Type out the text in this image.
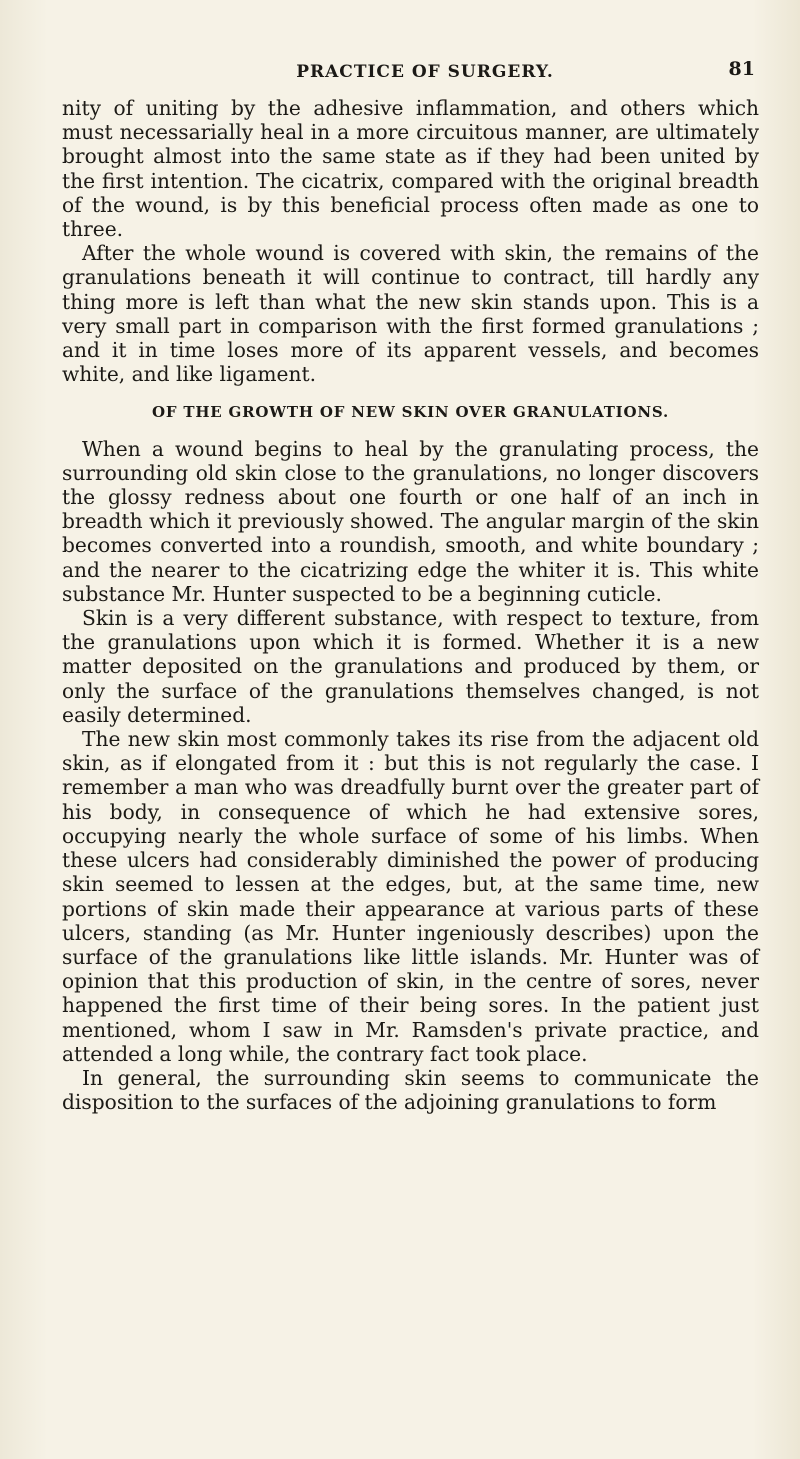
PRACTICE OF SURGERY.	81

nity of uniting by the adhesive inflammation, and others which must necessarially heal in a more circuitous manner, are ultimately brought almost into the same state as if they had been united by the first intention. The cicatrix, compared with the original breadth of the wound, is by this beneficial process often made as one to three.

After the whole wound is covered with skin, the remains of the granulations beneath it will continue to contract, till hardly any thing more is left than what the new skin stands upon. This is a very small part in comparison with the first formed granulations ; and it in time loses more of its apparent vessels, and becomes white, and like ligament.

OF THE GROWTH OF NEW SKIN OVER GRANULATIONS.

When a wound begins to heal by the granulating process, the surrounding old skin close to the granulations, no longer discovers the glossy redness about one fourth or one half of an inch in breadth which it previously showed. The angular margin of the skin becomes converted into a roundish, smooth, and white boundary ; and the nearer to the cicatrizing edge the whiter it is. This white substance Mr. Hunter suspected to be a beginning cuticle.

Skin is a very different substance, with respect to texture, from the granulations upon which it is formed. Whether it is a new matter deposited on the granulations and produced by them, or only the surface of the granulations themselves changed, is not easily determined.

The new skin most commonly takes its rise from the adjacent old skin, as if elongated from it : but this is not regularly the case. I remember a man who was dreadfully burnt over the greater part of his body, in consequence of which he had extensive sores, occupying nearly the whole surface of some of his limbs. When these ulcers had considerably diminished the power of producing skin seemed to lessen at the edges, but, at the same time, new portions of skin made their appearance at various parts of these ulcers, standing (as Mr. Hunter ingeniously describes) upon the surface of the granulations like little islands. Mr. Hunter was of opinion that this production of skin, in the centre of sores, never happened the first time of their being sores. In the patient just mentioned, whom I saw in Mr. Ramsden's private practice, and attended a long while, the contrary fact took place.

In general, the surrounding skin seems to communicate the disposition to the surfaces of the adjoining granulations to form
